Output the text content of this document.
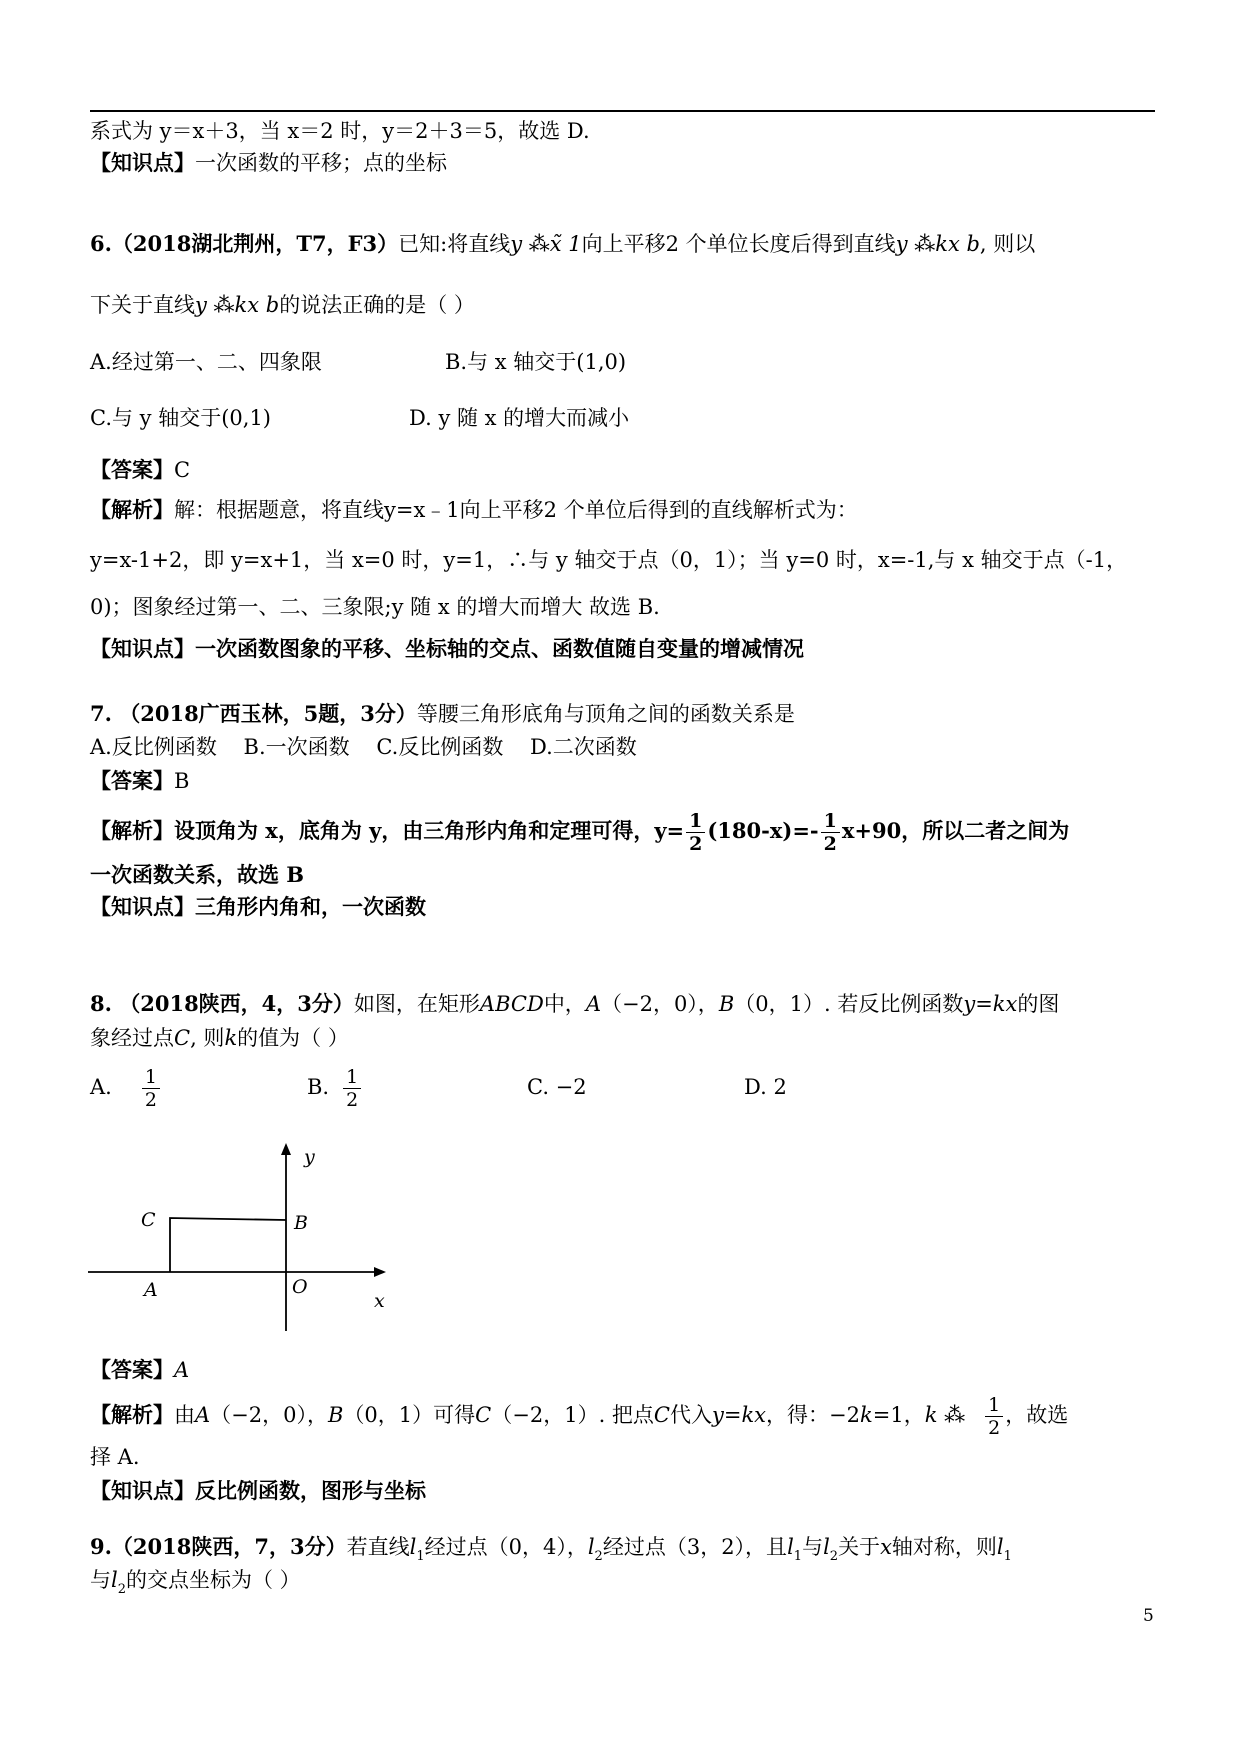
系式为 y＝x＋3，当 x＝2 时，y＝2＋3＝5，故选 D.
【知识点】一次函数的平移；点的坐标
6.（2018湖北荆州，T7，F3）已知:将直线y ⁂x̃ 1向上平移2 个单位长度后得到直线y ⁂kx b, 则以
下关于直线y ⁂kx b的说法正确的是（ ）
A.经过第一、二、四象限	B.与 x 轴交于(1,0)
C.与 y 轴交于(0,1)	D. y 随 x 的增大而减小
【答案】C
【解析】解：根据题意，将直线y=x﹣1向上平移2 个单位后得到的直线解析式为：
y=x-1+2，即 y=x+1，当 x=0 时，y=1，∴与 y 轴交于点（0，1）；当 y=0 时，x=-1,与 x 轴交于点（-1，
0)；图象经过第一、二、三象限;y 随 x 的增大而增大 故选 B.
【知识点】一次函数图象的平移、坐标轴的交点、函数值随自变量的增减情况
7. （2018广西玉林，5题，3分）等腰三角形底角与顶角之间的函数关系是
A.反比例函数    B.一次函数    C.反比例函数    D.二次函数
【答案】B
【解析】设顶角为 x，底角为 y，由三角形内角和定理可得，$y= \frac{1}{2} (180-x)=- \frac{1}{2} x+90$，所以二者之间为
一次函数关系，故选 B
【知识点】三角形内角和，一次函数
8. （2018陕西，4，3分）如图，在矩形ABCD中，A（−2，0），B（0，1）. 若反比例函数y=kx的图
象经过点C, 则k的值为（ ）
A. $\frac{1}{2}$	B. $\frac{1}{2}$	C. −2	D. 2
y
x
C	B
A	O
【答案】A
【解析】由A（−2，0），B（0，1）可得C（−2，1）. 把点C代入y=kx，得：−2k=1，k ⁂ $\frac{1}{2}$ ，故选
择 A.
【知识点】反比例函数，图形与坐标
9.（2018陕西，7，3分）若直线$l_1$经过点（0，4），$l_2$经过点（3，2），且$l_1$与$l_2$关于x轴对称，则$l_1$
与$l_2$的交点坐标为（ ）
5
